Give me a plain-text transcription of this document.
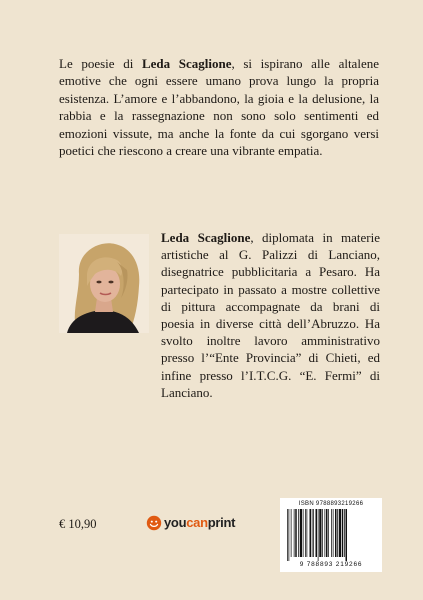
Le poesie di Leda Scaglione, si ispirano alle altalene emotive che ogni essere umano prova lungo la propria esistenza. L’amore e l’abbandono, la gioia e la delusione, la rabbia e la rassegnazione non sono solo sentimenti ed emozioni vissute, ma anche la fonte da cui sgorgano versi poetici che riescono a creare una vibrante empatia.

Leda Scaglione, diplomata in materie artistiche al G. Palizzi di Lanciano, disegnatrice pubblicitaria a Pesaro. Ha partecipato in passato a mostre collettive di pittura accompagnate da brani di poesia in diverse città dell’Abruzzo. Ha svolto inoltre lavoro amministrativo presso l’“Ente Provincia” di Chieti, ed infine presso l’I.T.C.G. “E. Fermi” di Lanciano.

€ 10,90	youcanprint
ISBN 9788893219266
9 788893 219266
